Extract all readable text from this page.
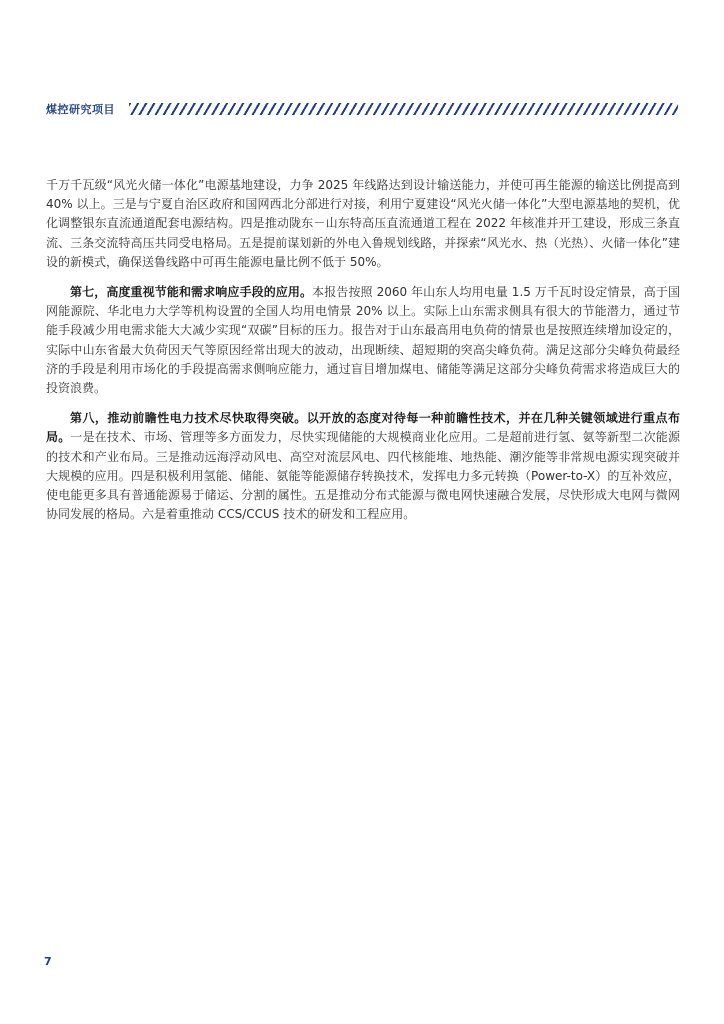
煤控研究项目

千万千瓦级“风光火储一体化”电源基地建设，力争 2025 年线路达到设计输送能力，并使可再生能源的输送比例提高到 40% 以上。三是与宁夏自治区政府和国网西北分部进行对接，利用宁夏建设“风光火储一体化”大型电源基地的契机，优化调整银东直流通道配套电源结构。四是推动陇东－山东特高压直流通道工程在 2022 年核准并开工建设，形成三条直流、三条交流特高压共同受电格局。五是提前谋划新的外电入鲁规划线路，并探索“风光水、热（光热）、火储一体化”建设的新模式，确保送鲁线路中可再生能源电量比例不低于 50%。

第七，高度重视节能和需求响应手段的应用。本报告按照 2060 年山东人均用电量 1.5 万千瓦时设定情景，高于国网能源院、华北电力大学等机构设置的全国人均用电情景 20% 以上。实际上山东需求侧具有很大的节能潜力，通过节能手段减少用电需求能大大减少实现“双碳”目标的压力。报告对于山东最高用电负荷的情景也是按照连续增加设定的，实际中山东省最大负荷因天气等原因经常出现大的波动，出现断续、超短期的突高尖峰负荷。满足这部分尖峰负荷最经济的手段是利用市场化的手段提高需求侧响应能力，通过盲目增加煤电、储能等满足这部分尖峰负荷需求将造成巨大的投资浪费。

第八，推动前瞻性电力技术尽快取得突破。以开放的态度对待每一种前瞻性技术，并在几种关键领域进行重点布局。一是在技术、市场、管理等多方面发力，尽快实现储能的大规模商业化应用。二是超前进行氢、氨等新型二次能源的技术和产业布局。三是推动远海浮动风电、高空对流层风电、四代核能堆、地热能、潮汐能等非常规电源实现突破并大规模的应用。四是积极利用氢能、储能、氨能等能源储存转换技术，发挥电力多元转换（Power-to-X）的互补效应，使电能更多具有普通能源易于储运、分割的属性。五是推动分布式能源与微电网快速融合发展，尽快形成大电网与微网协同发展的格局。六是着重推动 CCS/CCUS 技术的研发和工程应用。

7
